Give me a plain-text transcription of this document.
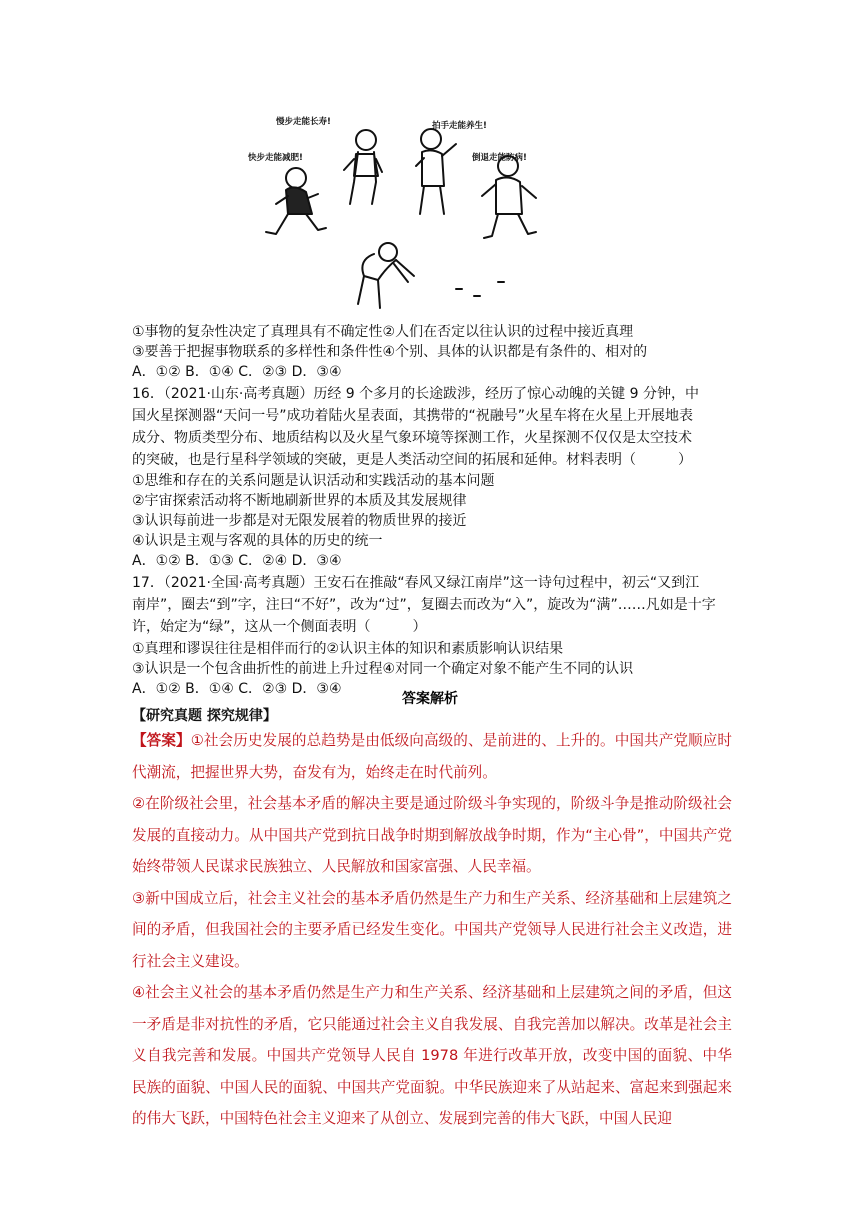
慢步走能长寿!
快步走能减肥!
拍手走能养生!
倒退走能防病!
①事物的复杂性决定了真理具有不确定性②人们在否定以往认识的过程中接近真理
③要善于把握事物联系的多样性和条件性④个别、具体的认识都是有条件的、相对的
A．①② B．①④ C．②③ D．③④
16．（2021·山东·高考真题）历经 9 个多月的长途跋涉，经历了惊心动魄的关键 9 分钟，中
国火星探测器“天问一号”成功着陆火星表面，其携带的“祝融号”火星车将在火星上开展地表
成分、物质类型分布、地质结构以及火星气象环境等探测工作，火星探测不仅仅是太空技术
的突破，也是行星科学领域的突破，更是人类活动空间的拓展和延伸。材料表明（　　　）
①思维和存在的关系问题是认识活动和实践活动的基本问题
②宇宙探索活动将不断地刷新世界的本质及其发展规律
③认识每前进一步都是对无限发展着的物质世界的接近
④认识是主观与客观的具体的历史的统一
A．①② B．①③ C．②④ D．③④
17．（2021·全国·高考真题）王安石在推敲“春风又绿江南岸”这一诗句过程中，初云“又到江
南岸”，圈去“到”字，注曰“不好”，改为“过”，复圈去而改为“入”，旋改为“满”……凡如是十字
许，始定为“绿”，这从一个侧面表明（　　　）
①真理和谬误往往是相伴而行的②认识主体的知识和素质影响认识结果
③认识是一个包含曲折性的前进上升过程④对同一个确定对象不能产生不同的认识
A．①② B．①④ C．②③ D．③④
答案解析
【研究真题 探究规律】

【答案】①社会历史发展的总趋势是由低级向高级的、是前进的、上升的。中国共产党顺应时代潮流，把握世界大势，奋发有为，始终走在时代前列。

②在阶级社会里，社会基本矛盾的解决主要是通过阶级斗争实现的，阶级斗争是推动阶级社会发展的直接动力。从中国共产党到抗日战争时期到解放战争时期，作为“主心骨”，中国共产党始终带领人民谋求民族独立、人民解放和国家富强、人民幸福。

③新中国成立后，社会主义社会的基本矛盾仍然是生产力和生产关系、经济基础和上层建筑之间的矛盾，但我国社会的主要矛盾已经发生变化。中国共产党领导人民进行社会主义改造，进行社会主义建设。

④社会主义社会的基本矛盾仍然是生产力和生产关系、经济基础和上层建筑之间的矛盾，但这一矛盾是非对抗性的矛盾，它只能通过社会主义自我发展、自我完善加以解决。改革是社会主义自我完善和发展。中国共产党领导人民自 1978 年进行改革开放，改变中国的面貌、中华民族的面貌、中国人民的面貌、中国共产党面貌。中华民族迎来了从站起来、富起来到强起来的伟大飞跃，中国特色社会主义迎来了从创立、发展到完善的伟大飞跃，中国人民迎
